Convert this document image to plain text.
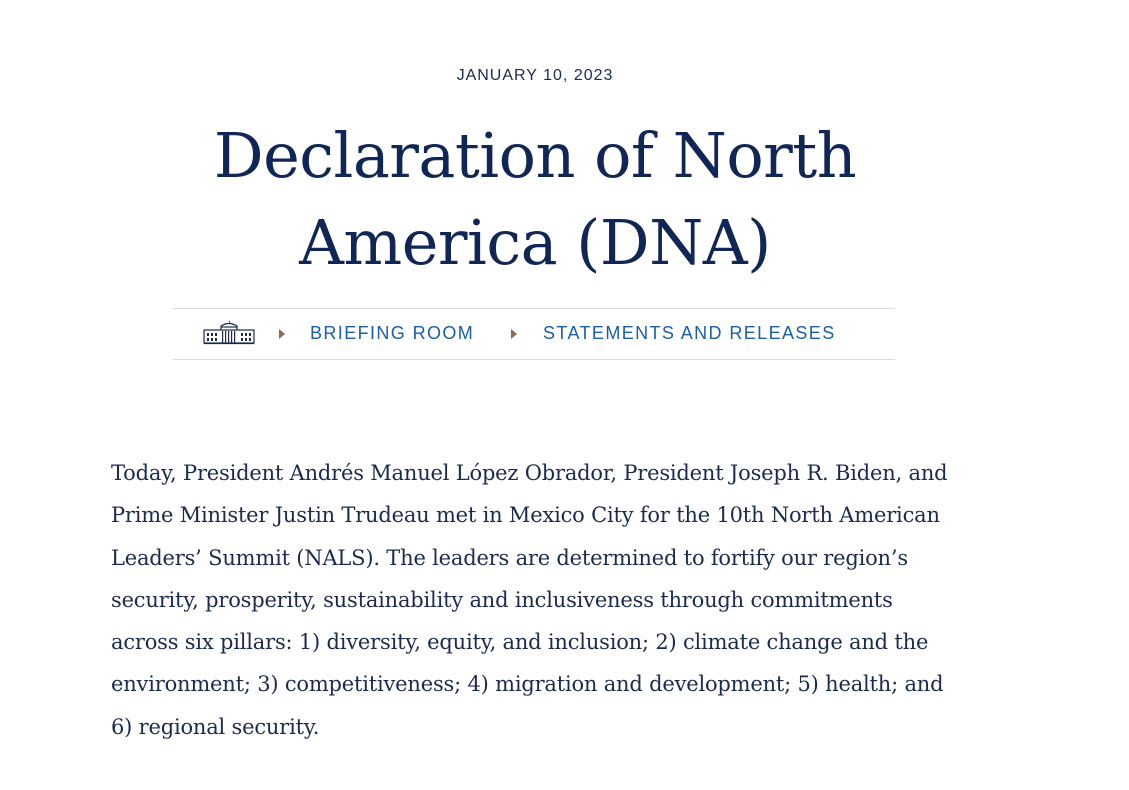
JANUARY 10, 2023
Declaration of North America (DNA)
BRIEFING ROOM	STATEMENTS AND RELEASES

Today, President Andrés Manuel López Obrador, President Joseph R. Biden, and Prime Minister Justin Trudeau met in Mexico City for the 10th North American Leaders’ Summit (NALS). The leaders are determined to fortify our region’s security, prosperity, sustainability and inclusiveness through commitments across six pillars: 1) diversity, equity, and inclusion; 2) climate change and the environment; 3) competitiveness; 4) migration and development; 5) health; and 6) regional security.
